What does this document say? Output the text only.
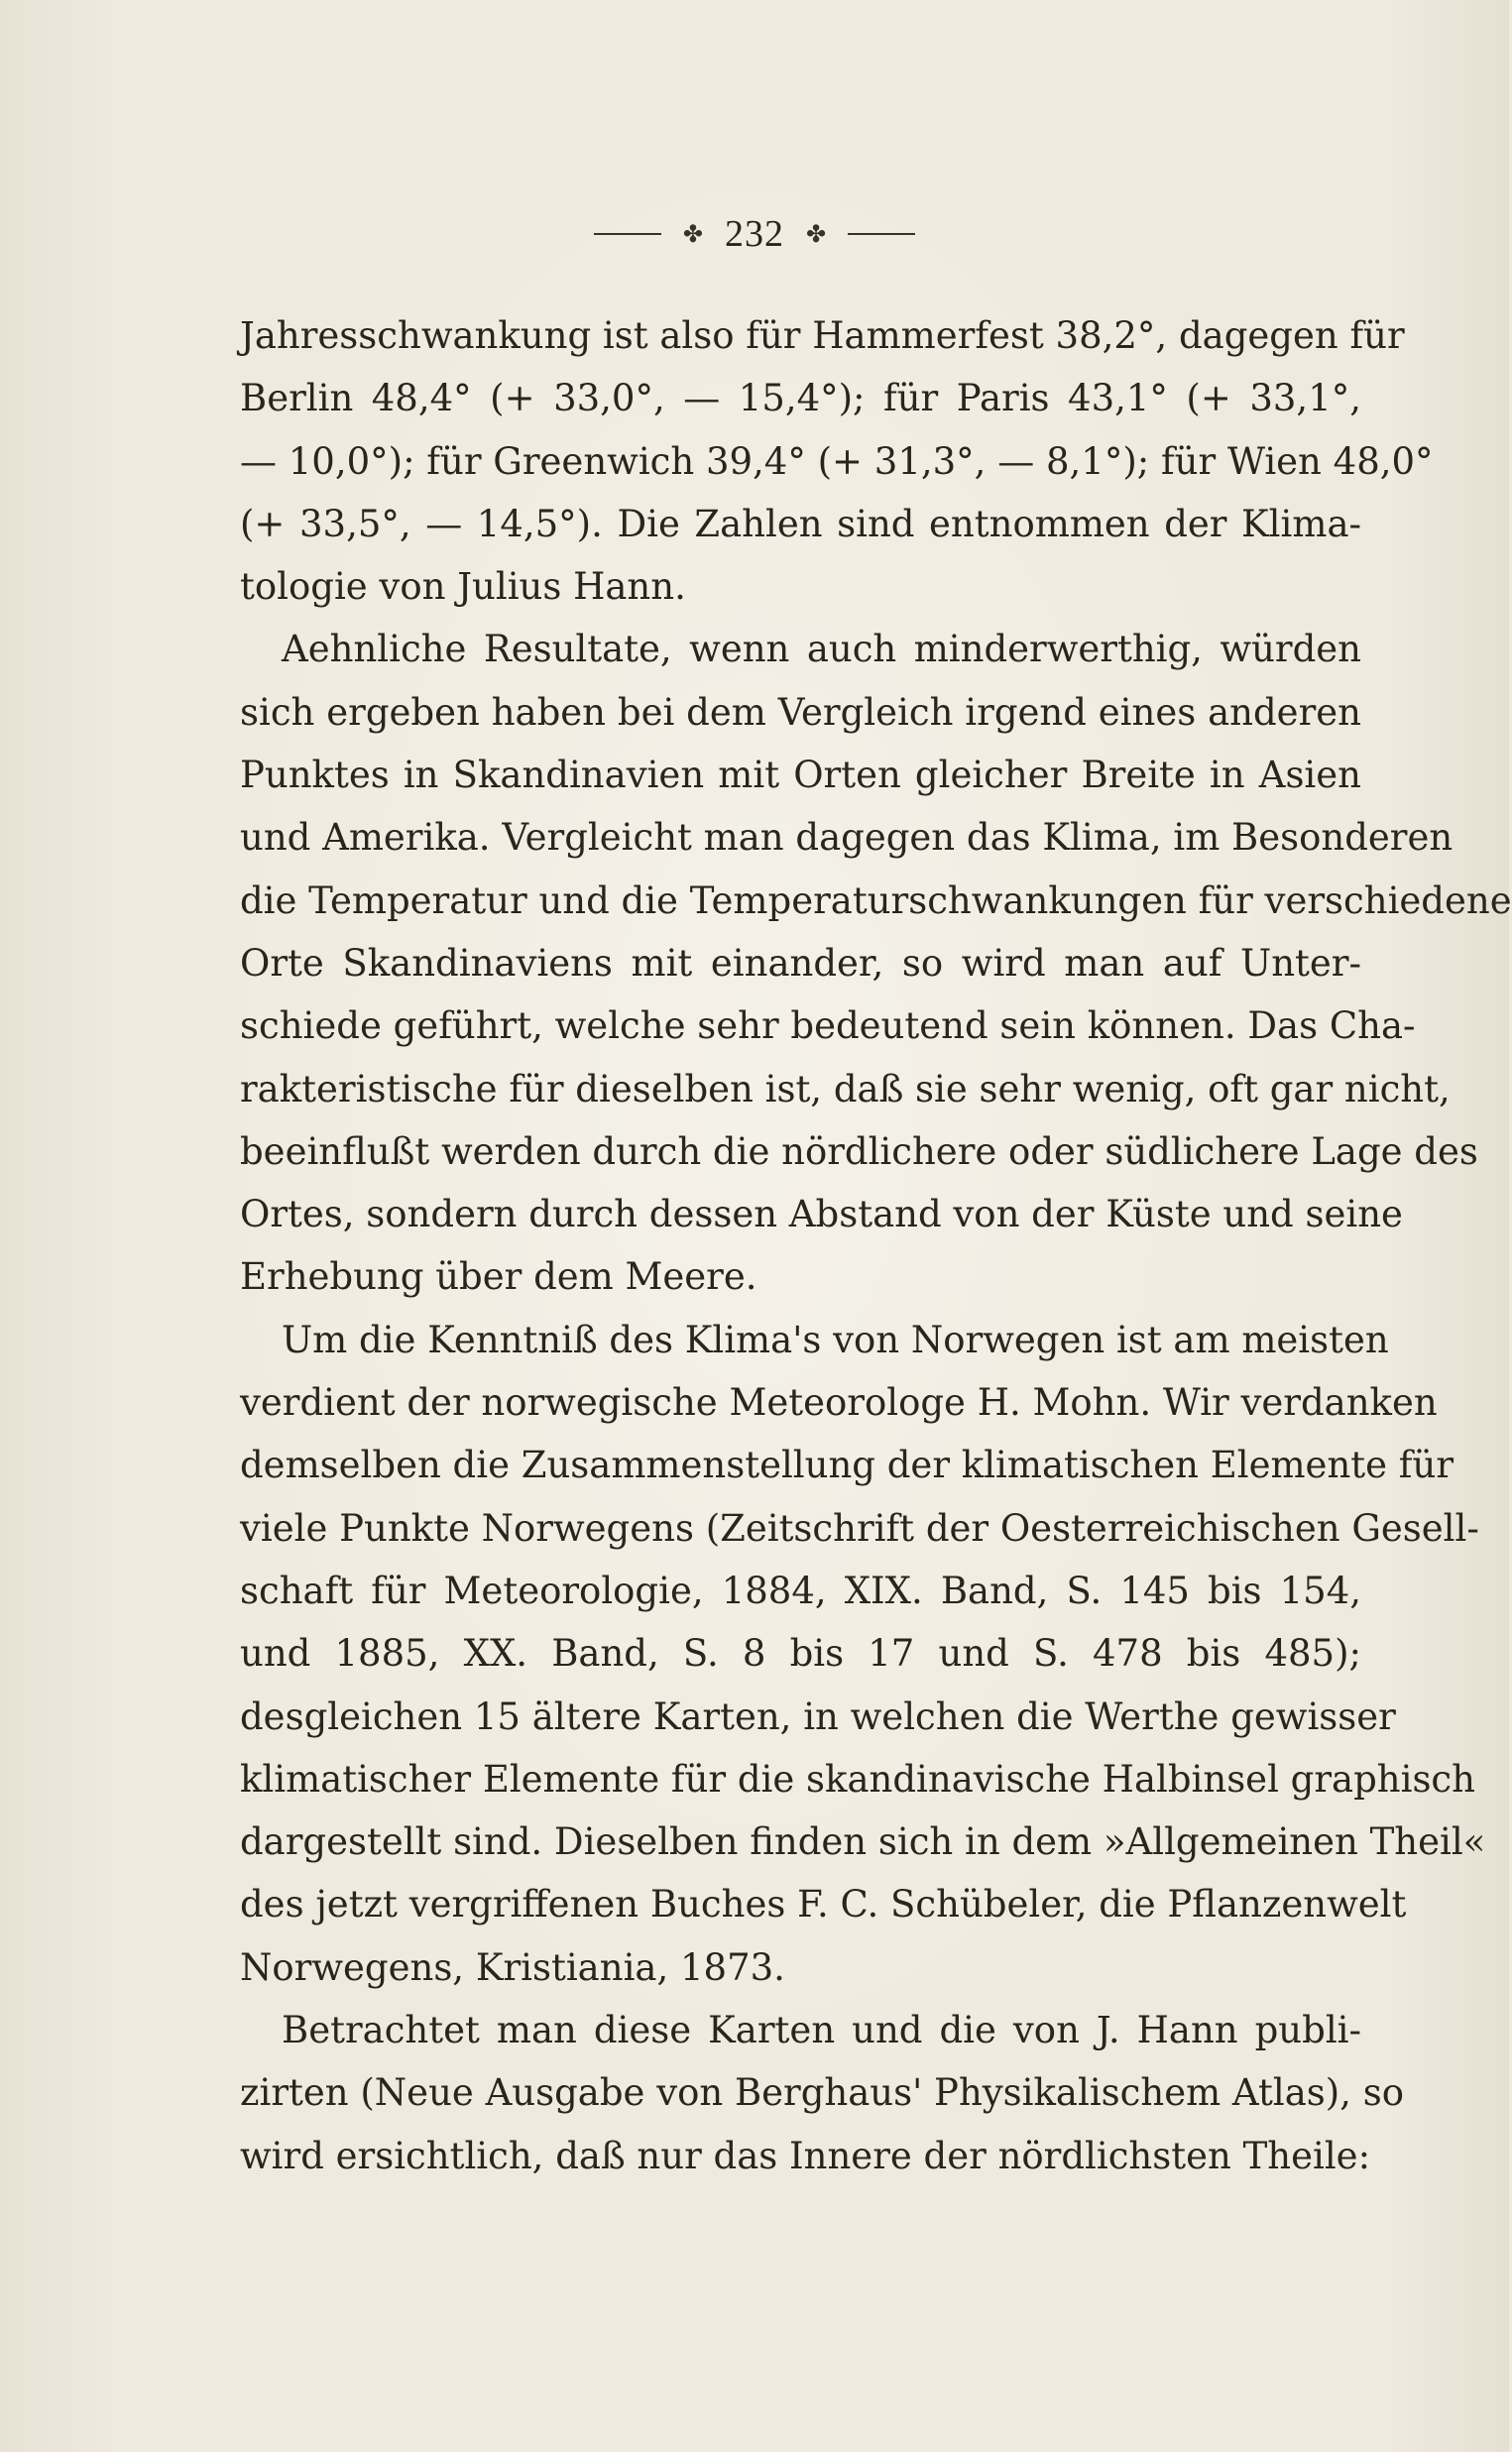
✤ 232 ✤
Jahresschwankung ist also für Hammerfest 38,2°, dagegen für
Berlin 48,4° (+ 33,0°, — 15,4°); für Paris 43,1° (+ 33,1°,
— 10,0°); für Greenwich 39,4° (+ 31,3°, — 8,1°); für Wien 48,0°
(+ 33,5°, — 14,5°). Die Zahlen sind entnommen der Klima-
tologie von Julius Hann.
Aehnliche Resultate, wenn auch minderwerthig, würden
sich ergeben haben bei dem Vergleich irgend eines anderen
Punktes in Skandinavien mit Orten gleicher Breite in Asien
und Amerika. Vergleicht man dagegen das Klima, im Besonderen
die Temperatur und die Temperaturschwankungen für verschiedene
Orte Skandinaviens mit einander, so wird man auf Unter-
schiede geführt, welche sehr bedeutend sein können. Das Cha-
rakteristische für dieselben ist, daß sie sehr wenig, oft gar nicht,
beeinflußt werden durch die nördlichere oder südlichere Lage des
Ortes, sondern durch dessen Abstand von der Küste und seine
Erhebung über dem Meere.
Um die Kenntniß des Klima's von Norwegen ist am meisten
verdient der norwegische Meteorologe H. Mohn. Wir verdanken
demselben die Zusammenstellung der klimatischen Elemente für
viele Punkte Norwegens (Zeitschrift der Oesterreichischen Gesell-
schaft für Meteorologie, 1884, XIX. Band, S. 145 bis 154,
und 1885, XX. Band, S. 8 bis 17 und S. 478 bis 485);
desgleichen 15 ältere Karten, in welchen die Werthe gewisser
klimatischer Elemente für die skandinavische Halbinsel graphisch
dargestellt sind. Dieselben finden sich in dem »Allgemeinen Theil«
des jetzt vergriffenen Buches F. C. Schübeler, die Pflanzenwelt
Norwegens, Kristiania, 1873.
Betrachtet man diese Karten und die von J. Hann publi-
zirten (Neue Ausgabe von Berghaus' Physikalischem Atlas), so
wird ersichtlich, daß nur das Innere der nördlichsten Theile:
